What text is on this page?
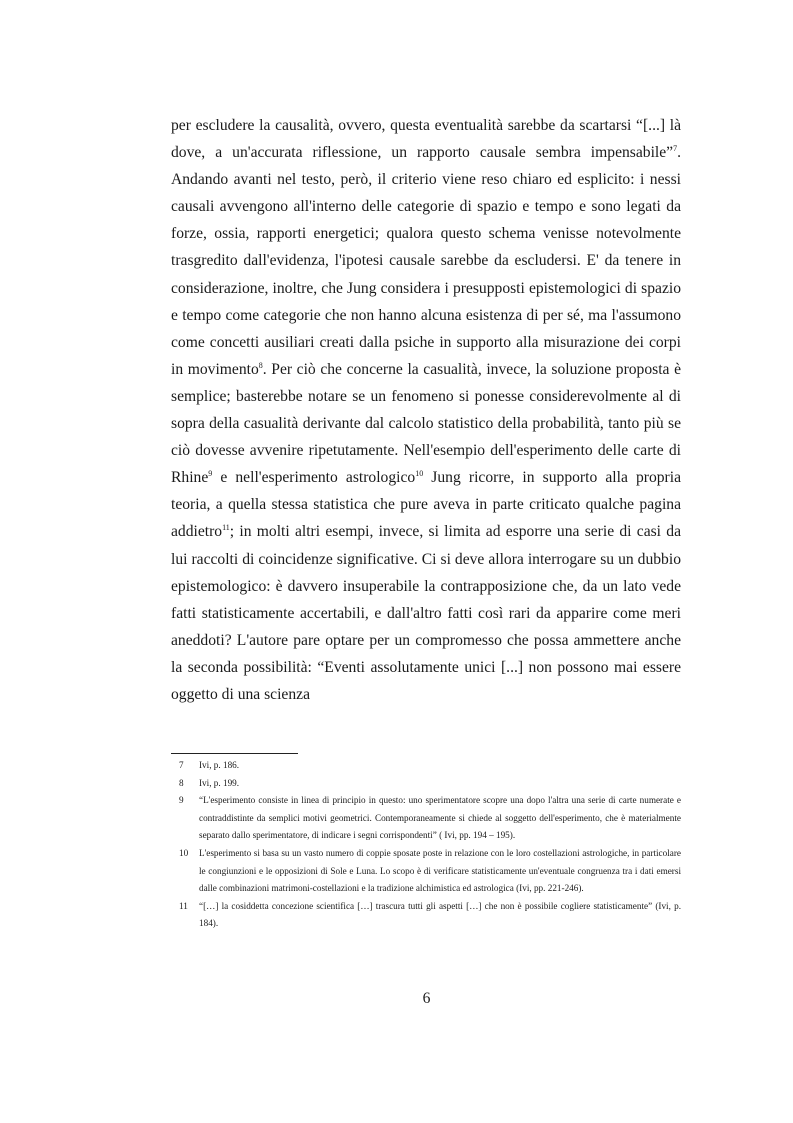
per escludere la causalità, ovvero, questa eventualità sarebbe da scartarsi “[...] là dove, a un'accurata riflessione, un rapporto causale sembra impensabile”$^7$. Andando avanti nel testo, però, il criterio viene reso chiaro ed esplicito: i nessi causali avvengono all'interno delle categorie di spazio e tempo e sono legati da forze, ossia, rapporti energetici; qualora questo schema venisse notevolmente trasgredito dall'evidenza, l'ipotesi causale sarebbe da escludersi. E' da tenere in considerazione, inoltre, che Jung considera i presupposti epistemologici di spazio e tempo come categorie che non hanno alcuna esistenza di per sé, ma l'assumono come concetti ausiliari creati dalla psiche in supporto alla misurazione dei corpi in movimento$^8$. Per ciò che concerne la casualità, invece, la soluzione proposta è semplice; basterebbe notare se un fenomeno si ponesse considerevolmente al di sopra della casualità derivante dal calcolo statistico della probabilità, tanto più se ciò dovesse avvenire ripetutamente. Nell'esempio dell'esperimento delle carte di Rhine$^9$ e nell'esperimento astrologico$^{10}$ Jung ricorre, in supporto alla propria teoria, a quella stessa statistica che pure aveva in parte criticato qualche pagina addietro$^{11}$; in molti altri esempi, invece, si limita ad esporre una serie di casi da lui raccolti di coincidenze significative. Ci si deve allora interrogare su un dubbio epistemologico: è davvero insuperabile la contrapposizione che, da un lato vede fatti statisticamente accertabili, e dall'altro fatti così rari da apparire come meri aneddoti? L'autore pare optare per un compromesso che possa ammettere anche la seconda possibilità: “Eventi assolutamente unici [...] non possono mai essere oggetto di una scienza

7	Ivi, p. 186.
8	Ivi, p. 199.
9	“L'esperimento consiste in linea di principio in questo: uno sperimentatore scopre una dopo l'altra una serie di carte numerate e contraddistinte da semplici motivi geometrici. Contemporaneamente si chiede al soggetto dell'esperimento, che è materialmente separato dallo sperimentatore, di indicare i segni corrispondenti” ( Ivi, pp. 194 – 195).
10	L'esperimento si basa su un vasto numero di coppie sposate poste in relazione con le loro costellazioni astrologiche, in particolare le congiunzioni e le opposizioni di Sole e Luna. Lo scopo è di verificare statisticamente un'eventuale congruenza tra i dati emersi dalle combinazioni matrimoni-costellazioni e la tradizione alchimistica ed astrologica (Ivi, pp. 221-246).
11	“[…] la cosiddetta concezione scientifica […] trascura tutti gli aspetti […] che non è possibile cogliere statisticamente” (Ivi, p. 184).
6
